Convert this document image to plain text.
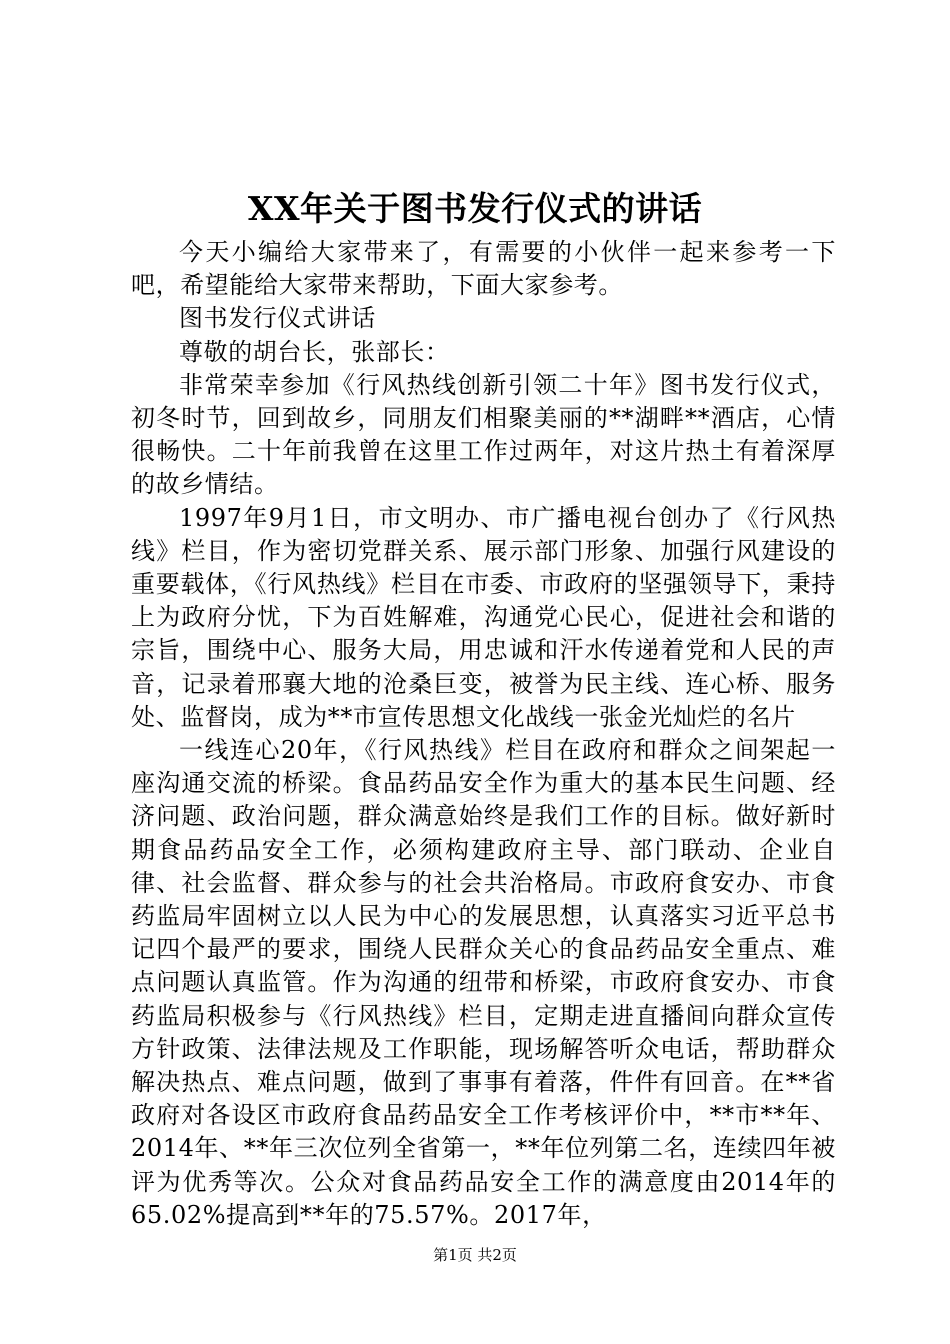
XX年关于图书发行仪式的讲话

今天小编给大家带来了，有需要的小伙伴一起来参考一下吧，希望能给大家带来帮助，下面大家参考。

图书发行仪式讲话

尊敬的胡台长，张部长：

非常荣幸参加《行风热线创新引领二十年》图书发行仪式，初冬时节，回到故乡，同朋友们相聚美丽的**湖畔**酒店，心情很畅快。二十年前我曾在这里工作过两年，对这片热土有着深厚的故乡情结。

1997年9月1日，市文明办、市广播电视台创办了《行风热线》栏目，作为密切党群关系、展示部门形象、加强行风建设的重要载体，《行风热线》栏目在市委、市政府的坚强领导下，秉持上为政府分忧，下为百姓解难，沟通党心民心，促进社会和谐的宗旨，围绕中心、服务大局，用忠诚和汗水传递着党和人民的声音，记录着邢襄大地的沧桑巨变，被誉为民主线、连心桥、服务处、监督岗，成为**市宣传思想文化战线一张金光灿烂的名片

一线连心20年，《行风热线》栏目在政府和群众之间架起一座沟通交流的桥梁。食品药品安全作为重大的基本民生问题、经济问题、政治问题，群众满意始终是我们工作的目标。做好新时期食品药品安全工作，必须构建政府主导、部门联动、企业自律、社会监督、群众参与的社会共治格局。市政府食安办、市食药监局牢固树立以人民为中心的发展思想，认真落实习近平总书记四个最严的要求，围绕人民群众关心的食品药品安全重点、难点问题认真监管。作为沟通的纽带和桥梁，市政府食安办、市食药监局积极参与《行风热线》栏目，定期走进直播间向群众宣传方针政策、法律法规及工作职能，现场解答听众电话，帮助群众解决热点、难点问题，做到了事事有着落，件件有回音。在**省政府对各设区市政府食品药品安全工作考核评价中，**市**年、2014年、**年三次位列全省第一，**年位列第二名，连续四年被评为优秀等次。公众对食品药品安全工作的满意度由2014年的65.02%提高到**年的75.57%。2017年，

第1页 共2页
